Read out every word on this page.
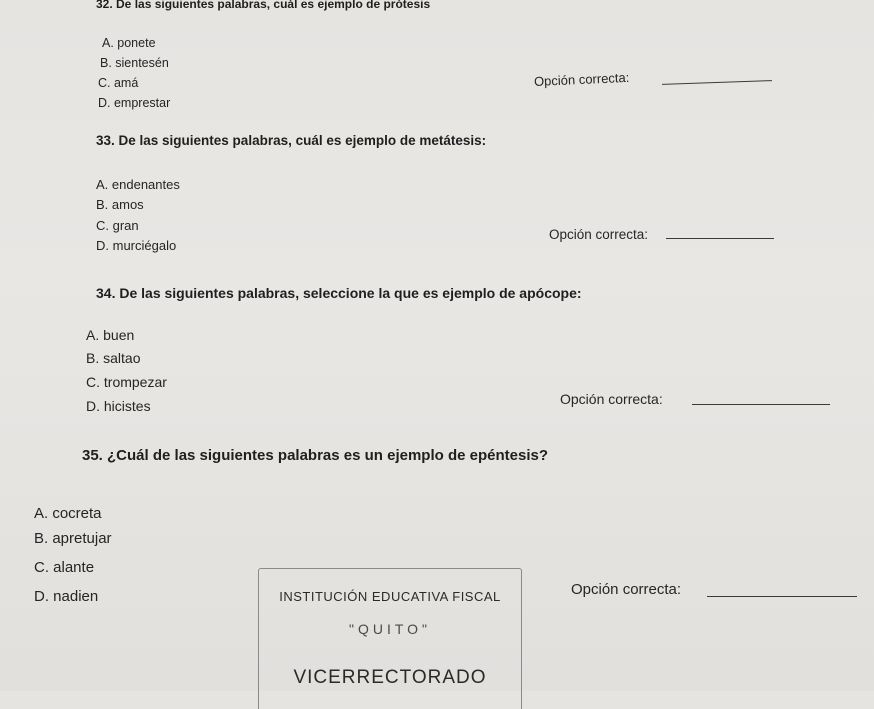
32. De las siguientes palabras, cuál es ejemplo de prótesis
A. ponete
B. sientesén
C. amá
D. emprestar
Opción correcta:
33. De las siguientes palabras, cuál es ejemplo de metátesis:
A. endenantes
B. amos
C. gran
D. murciégalo
Opción correcta:
34. De las siguientes palabras, seleccione la que es ejemplo de apócope:
A. buen
B. saltao
C. trompezar
D. hicistes	Opción correcta:
35. ¿Cuál de las siguientes palabras es un ejemplo de epéntesis?
A. cocreta
B. apretujar
C. alante
D. nadien	Opción correcta:
INSTITUCIÓN EDUCATIVA FISCAL
"QUITO"
VICERRECTORADO
